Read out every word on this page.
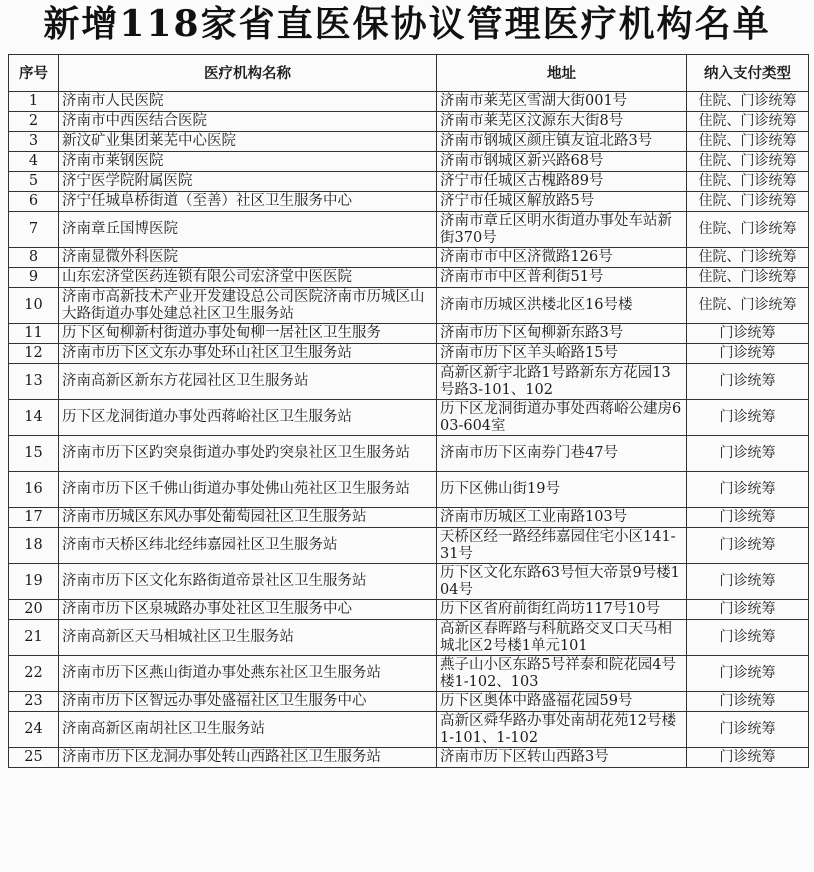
新增118家省直医保协议管理医疗机构名单
序号	医疗机构名称	地址	纳入支付类型
1	济南市人民医院	济南市莱芜区雪湖大街001号	住院、门诊统筹
2	济南市中西医结合医院	济南市莱芜区汶源东大街8号	住院、门诊统筹
3	新汶矿业集团莱芜中心医院	济南市钢城区颜庄镇友谊北路3号	住院、门诊统筹
4	济南市莱钢医院	济南市钢城区新兴路68号	住院、门诊统筹
5	济宁医学院附属医院	济宁市任城区古槐路89号	住院、门诊统筹
6	济宁任城阜桥街道（至善）社区卫生服务中心	济宁市任城区解放路5号	住院、门诊统筹
7	济南章丘国博医院	济南市章丘区明水街道办事处车站新街370号	住院、门诊统筹
8	济南显微外科医院	济南市市中区济微路126号	住院、门诊统筹
9	山东宏济堂医药连锁有限公司宏济堂中医医院	济南市市中区普利街51号	住院、门诊统筹
10	济南市高新技术产业开发建设总公司医院济南市历城区山大路街道办事处建总社区卫生服务站	济南市历城区洪楼北区16号楼	住院、门诊统筹
11	历下区甸柳新村街道办事处甸柳一居社区卫生服务	济南市历下区甸柳新东路3号	门诊统筹
12	济南市历下区文东办事处环山社区卫生服务站	济南市历下区羊头峪路15号	门诊统筹
13	济南高新区新东方花园社区卫生服务站	高新区新宇北路1号路新东方花园13号路3-101、102	门诊统筹
14	历下区龙洞街道办事处西蒋峪社区卫生服务站	历下区龙洞街道办事处西蒋峪公建房603-604室	门诊统筹
15	济南市历下区趵突泉街道办事处趵突泉社区卫生服务站	济南市历下区南券门巷47号	门诊统筹
16	济南市历下区千佛山街道办事处佛山苑社区卫生服务站	历下区佛山街19号	门诊统筹
17	济南市历城区东风办事处葡萄园社区卫生服务站	济南市历城区工业南路103号	门诊统筹
18	济南市天桥区纬北经纬嘉园社区卫生服务站	天桥区经一路经纬嘉园住宅小区141-31号	门诊统筹
19	济南市历下区文化东路街道帝景社区卫生服务站	历下区文化东路63号恒大帝景9号楼104号	门诊统筹
20	济南市历下区泉城路办事处社区卫生服务中心	历下区省府前街红尚坊117号10号	门诊统筹
21	济南高新区天马相城社区卫生服务站	高新区春晖路与科航路交叉口天马相城北区2号楼1单元101	门诊统筹
22	济南市历下区燕山街道办事处燕东社区卫生服务站	燕子山小区东路5号祥泰和院花园4号楼1-102、103	门诊统筹
23	济南市历下区智远办事处盛福社区卫生服务中心	历下区奥体中路盛福花园59号	门诊统筹
24	济南高新区南胡社区卫生服务站	高新区舜华路办事处南胡花苑12号楼1-101、1-102	门诊统筹
25	济南市历下区龙洞办事处转山西路社区卫生服务站	济南市历下区转山西路3号	门诊统筹
